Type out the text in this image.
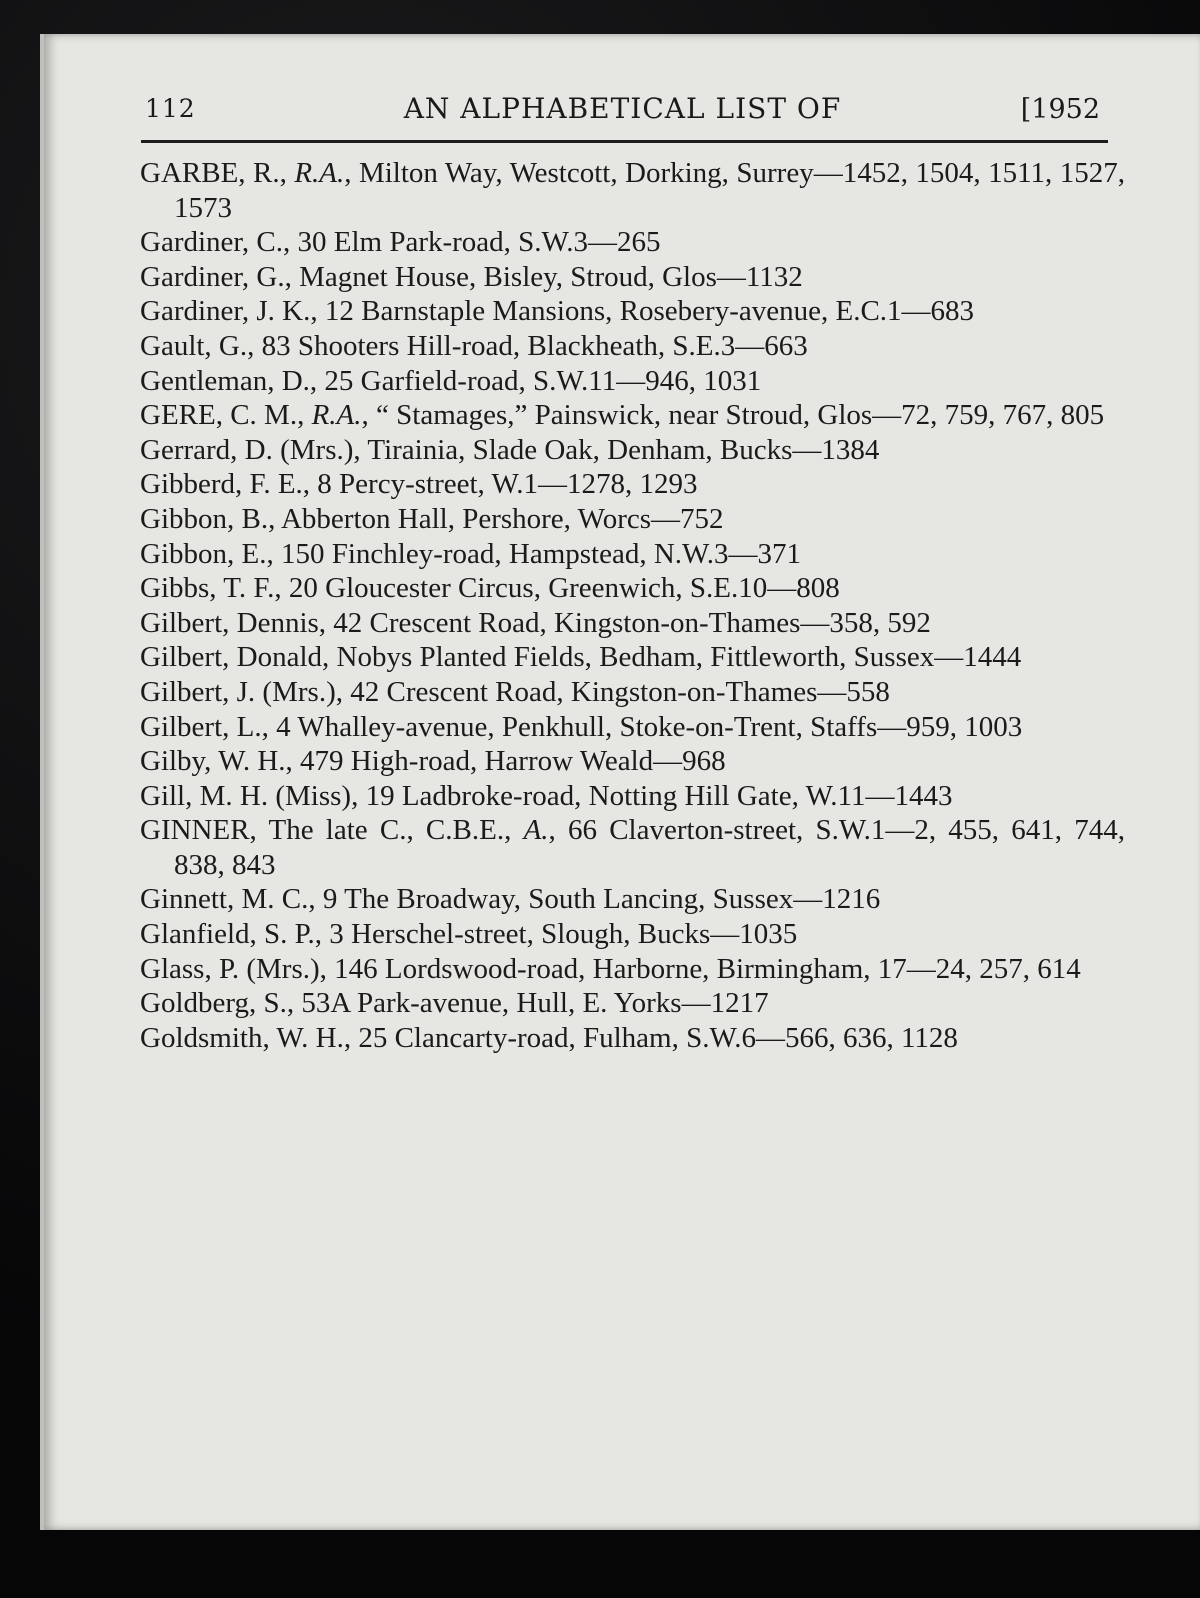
112	AN ALPHABETICAL LIST OF	[1952
GARBE, R., R.A., Milton Way, Westcott, Dorking, Surrey—1452, 1504, 1511, 1527, 1573
Gardiner, C., 30 Elm Park-road, S.W.3—265
Gardiner, G., Magnet House, Bisley, Stroud, Glos—1132
Gardiner, J. K., 12 Barnstaple Mansions, Rosebery-avenue, E.C.1—683
Gault, G., 83 Shooters Hill-road, Blackheath, S.E.3—663
Gentleman, D., 25 Garfield-road, S.W.11—946, 1031
GERE, C. M., R.A., “ Stamages,” Painswick, near Stroud, Glos—72, 759, 767, 805
Gerrard, D. (Mrs.), Tirainia, Slade Oak, Denham, Bucks—1384
Gibberd, F. E., 8 Percy-street, W.1—1278, 1293
Gibbon, B., Abberton Hall, Pershore, Worcs—752
Gibbon, E., 150 Finchley-road, Hampstead, N.W.3—371
Gibbs, T. F., 20 Gloucester Circus, Greenwich, S.E.10—808
Gilbert, Dennis, 42 Crescent Road, Kingston-on-Thames—358, 592
Gilbert, Donald, Nobys Planted Fields, Bedham, Fittleworth, Sussex—1444
Gilbert, J. (Mrs.), 42 Crescent Road, Kingston-on-Thames—558
Gilbert, L., 4 Whalley-avenue, Penkhull, Stoke-on-Trent, Staffs—959, 1003
Gilby, W. H., 479 High-road, Harrow Weald—968
Gill, M. H. (Miss), 19 Ladbroke-road, Notting Hill Gate, W.11—1443
GINNER, The late C., C.B.E., A., 66 Claverton-street, S.W.1—2, 455, 641, 744, 838, 843
Ginnett, M. C., 9 The Broadway, South Lancing, Sussex—1216
Glanfield, S. P., 3 Herschel-street, Slough, Bucks—1035
Glass, P. (Mrs.), 146 Lordswood-road, Harborne, Birmingham, 17—24, 257, 614
Goldberg, S., 53A Park-avenue, Hull, E. Yorks—1217
Goldsmith, W. H., 25 Clancarty-road, Fulham, S.W.6—566, 636, 1128
